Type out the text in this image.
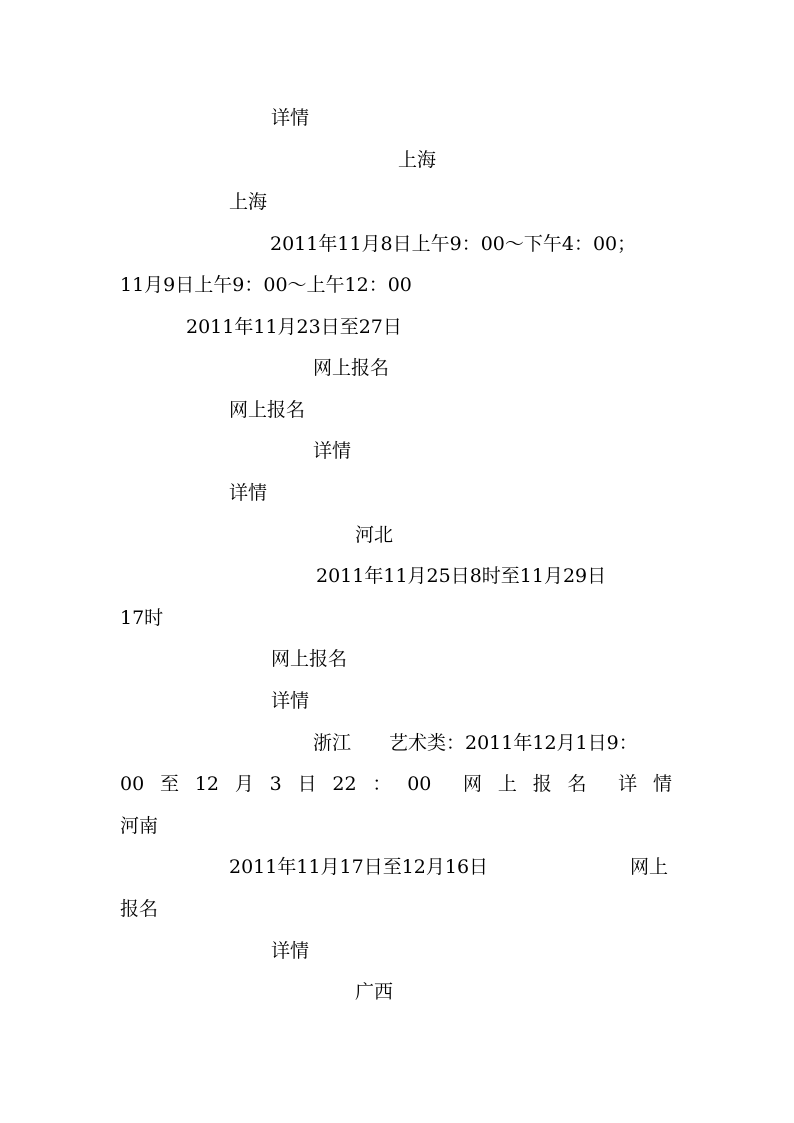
详情
上海
上海
2011年11月8日上午9：00～下午4：00；
11月9日上午9：00～上午12：00
2011年11月23日至27日
网上报名
网上报名
详情
详情
河北
2011年11月25日8时至11月29日
17时
网上报名
详情
浙江　　艺术类：2011年12月1日9：
00 至 12 月 3 日 22 ： 00 网 上 报 名 详 情
河南
2011年11月17日至12月16日	网上
报名
详情
广西
